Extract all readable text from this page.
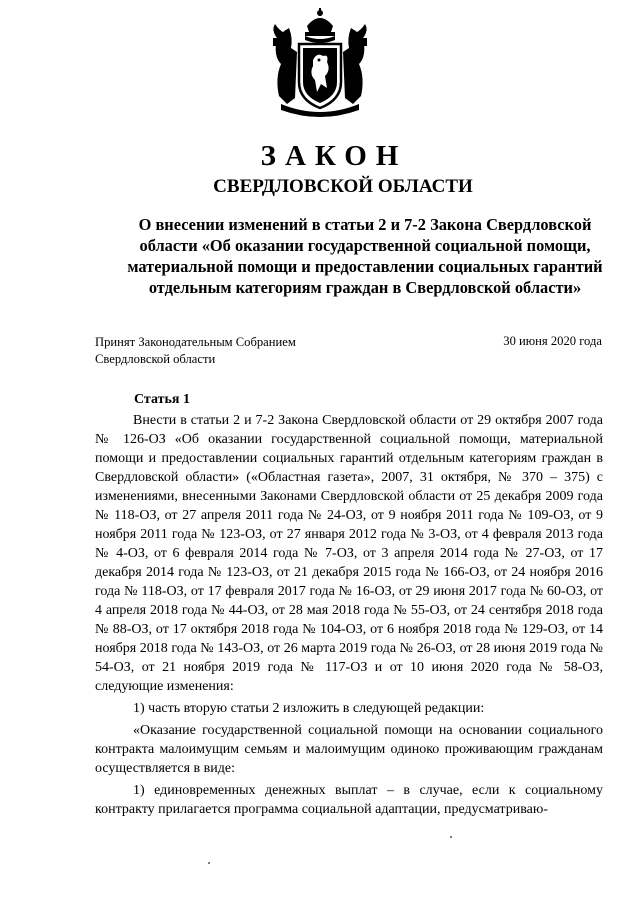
ЗАКОН
СВЕРДЛОВСКОЙ ОБЛАСТИ
О внесении изменений в статьи 2 и 7-2 Закона Свердловской области «Об оказании государственной социальной помощи, материальной помощи и предоставлении социальных гарантий отдельным категориям граждан в Свердловской области»
Принят Законодательным Собранием
Свердловской области
30 июня 2020 года
Статья 1

Внести в статьи 2 и 7-2 Закона Свердловской области от 29 октября 2007 года № 126-ОЗ «Об оказании государственной социальной помощи, материальной помощи и предоставлении социальных гарантий отдельным категориям граждан в Свердловской области» («Областная газета», 2007, 31 октября, № 370 – 375) с изменениями, внесенными Законами Свердловской области от 25 декабря 2009 года № 118-ОЗ, от 27 апреля 2011 года № 24-ОЗ, от 9 ноября 2011 года № 109-ОЗ, от 9 ноября 2011 года № 123-ОЗ, от 27 января 2012 года № 3-ОЗ, от 4 февраля 2013 года № 4-ОЗ, от 6 февраля 2014 года № 7-ОЗ, от 3 апреля 2014 года № 27-ОЗ, от 17 декабря 2014 года № 123-ОЗ, от 21 декабря 2015 года № 166-ОЗ, от 24 ноября 2016 года № 118-ОЗ, от 17 февраля 2017 года № 16-ОЗ, от 29 июня 2017 года № 60-ОЗ, от 4 апреля 2018 года № 44-ОЗ, от 28 мая 2018 года № 55-ОЗ, от 24 сентября 2018 года № 88-ОЗ, от 17 октября 2018 года № 104-ОЗ, от 6 ноября 2018 года № 129-ОЗ, от 14 ноября 2018 года № 143-ОЗ, от 26 марта 2019 года № 26-ОЗ, от 28 июня 2019 года № 54-ОЗ, от 21 ноября 2019 года № 117-ОЗ и от 10 июня 2020 года № 58-ОЗ, следующие изменения:

1) часть вторую статьи 2 изложить в следующей редакции:

«Оказание государственной социальной помощи на основании социального контракта малоимущим семьям и малоимущим одиноко проживающим гражданам осуществляется в виде:

1) единовременных денежных выплат – в случае, если к социальному контракту прилагается программа социальной адаптации, предусматриваю-
